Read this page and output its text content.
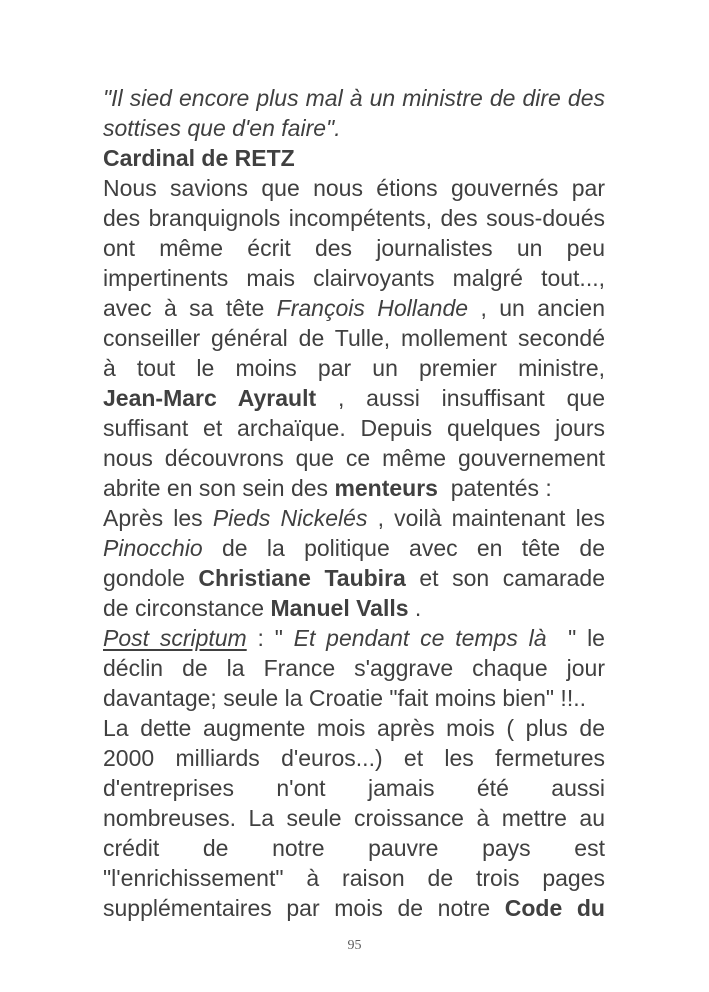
"Il sied encore plus mal à un ministre de dire des
sottises que d'en faire".
Cardinal de RETZ
Nous savions que nous étions gouvernés par
des branquignols incompétents, des sous-doués
ont même écrit des journalistes un peu
impertinents mais clairvoyants malgré tout...,
avec à sa tête François Hollande , un ancien
conseiller général de Tulle, mollement secondé
à tout le moins par un premier ministre,
Jean-Marc Ayrault , aussi insuffisant que
suffisant et archaïque. Depuis quelques jours
nous découvrons que ce même gouvernement
abrite en son sein des menteurs  patentés :
Après les Pieds Nickelés , voilà maintenant les
Pinocchio de la politique avec en tête de
gondole Christiane Taubira et son camarade
de circonstance Manuel Valls .
Post scriptum : " Et pendant ce temps là  " le
déclin de la France s'aggrave chaque jour
davantage; seule la Croatie "fait moins bien" !!..
La dette augmente mois après mois ( plus de
2000 milliards d'euros...) et les fermetures
d'entreprises n'ont jamais été aussi
nombreuses. La seule croissance à mettre au
crédit de notre pauvre pays est
"l'enrichissement" à raison de trois pages
supplémentaires par mois de notre Code du
95
